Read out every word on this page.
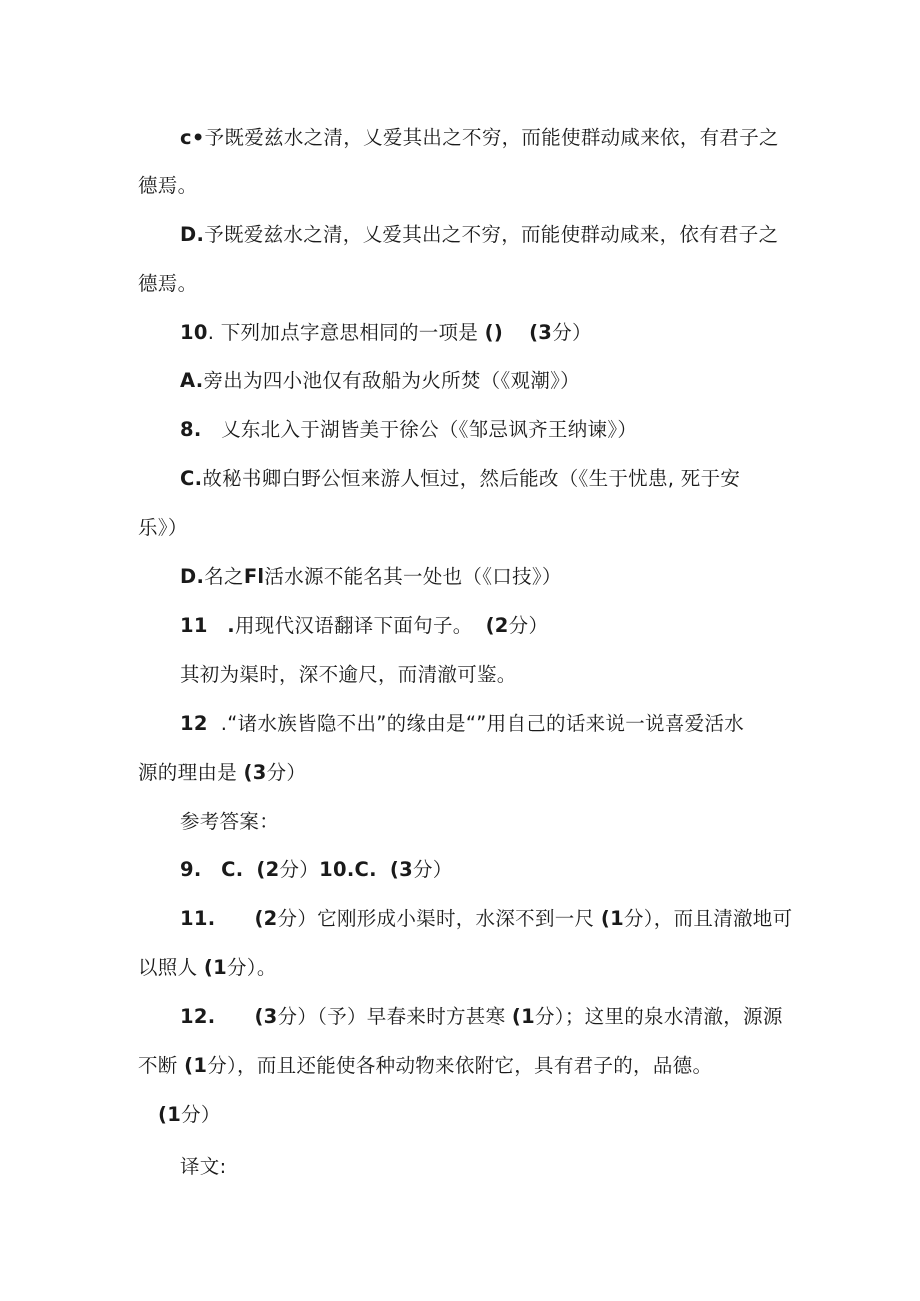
c•予既爱兹水之清，乂爱其出之不穷，而能使群动咸来依，有君子之
德焉。
D.予既爱兹水之清，乂爱其出之不穷，而能使群动咸来，依有君子之
德焉。
10. 下列加点字意思相同的一项是 () (3分）
A.旁出为四小池仅有敌船为火所焚（《观潮》）
8.   乂东北入于湖皆美于徐公（《邹忌讽齐王纳谏》）
C.故秘书卿白野公恒来游人恒过，然后能改（《生于忧患, 死于安
乐》）
D.名之Fl活水源不能名其一处也（《口技》）
11 .用现代汉语翻译下面句子。  (2分）
其初为渠时，深不逾尺，而清澈可鉴。
12  .“诸水族皆隐不出”的缘由是“”用自己的话来说一说喜爱活水
源的理由是 (3分）
参考答案：
9. C. (2分）10.C. (3分）
11. (2分）它刚形成小渠时，水深不到一尺 (1分），而且清澈地可
以照人 (1分）。
12. (3分）（予）早春来时方甚寒 (1分）；这里的泉水清澈，源源
不断 (1分），而且还能使各种动物来依附它，具有君子的，品德。
(1分）
译文:
